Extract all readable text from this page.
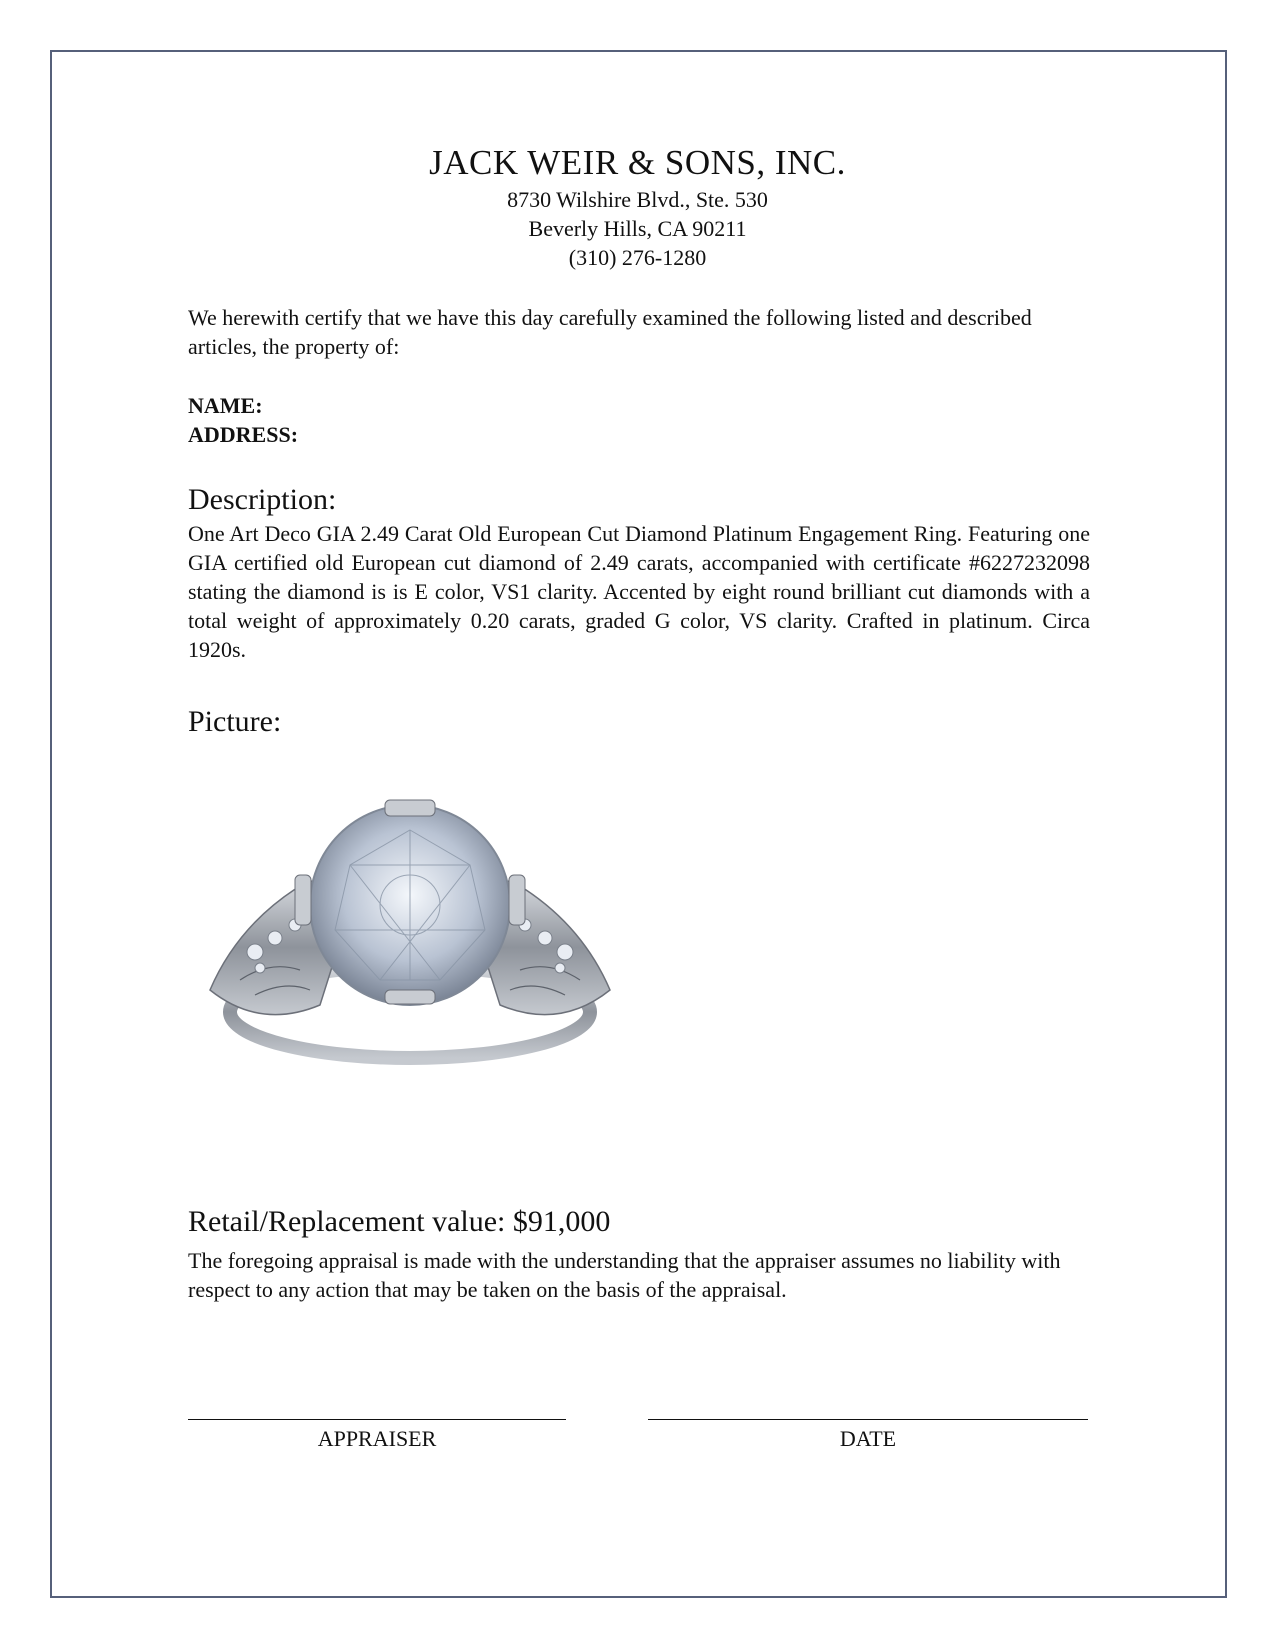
JACK WEIR & SONS, INC.
8730 Wilshire Blvd., Ste. 530
Beverly Hills, CA 90211
(310) 276-1280
We herewith certify that we have this day carefully examined the following listed and described articles, the property of:
NAME:
ADDRESS:
Description:
One Art Deco GIA 2.49 Carat Old European Cut Diamond Platinum Engagement Ring. Featuring one GIA certified old European cut diamond of 2.49 carats, accompanied with certificate #6227232098 stating the diamond is is E color, VS1 clarity. Accented by eight round brilliant cut diamonds with a total weight of approximately 0.20 carats, graded G color, VS clarity. Crafted in platinum. Circa 1920s.
Picture:
Retail/Replacement value: $91,000
The foregoing appraisal is made with the understanding that the appraiser assumes no liability with respect to any action that may be taken on the basis of the appraisal.
APPRAISER	DATE
